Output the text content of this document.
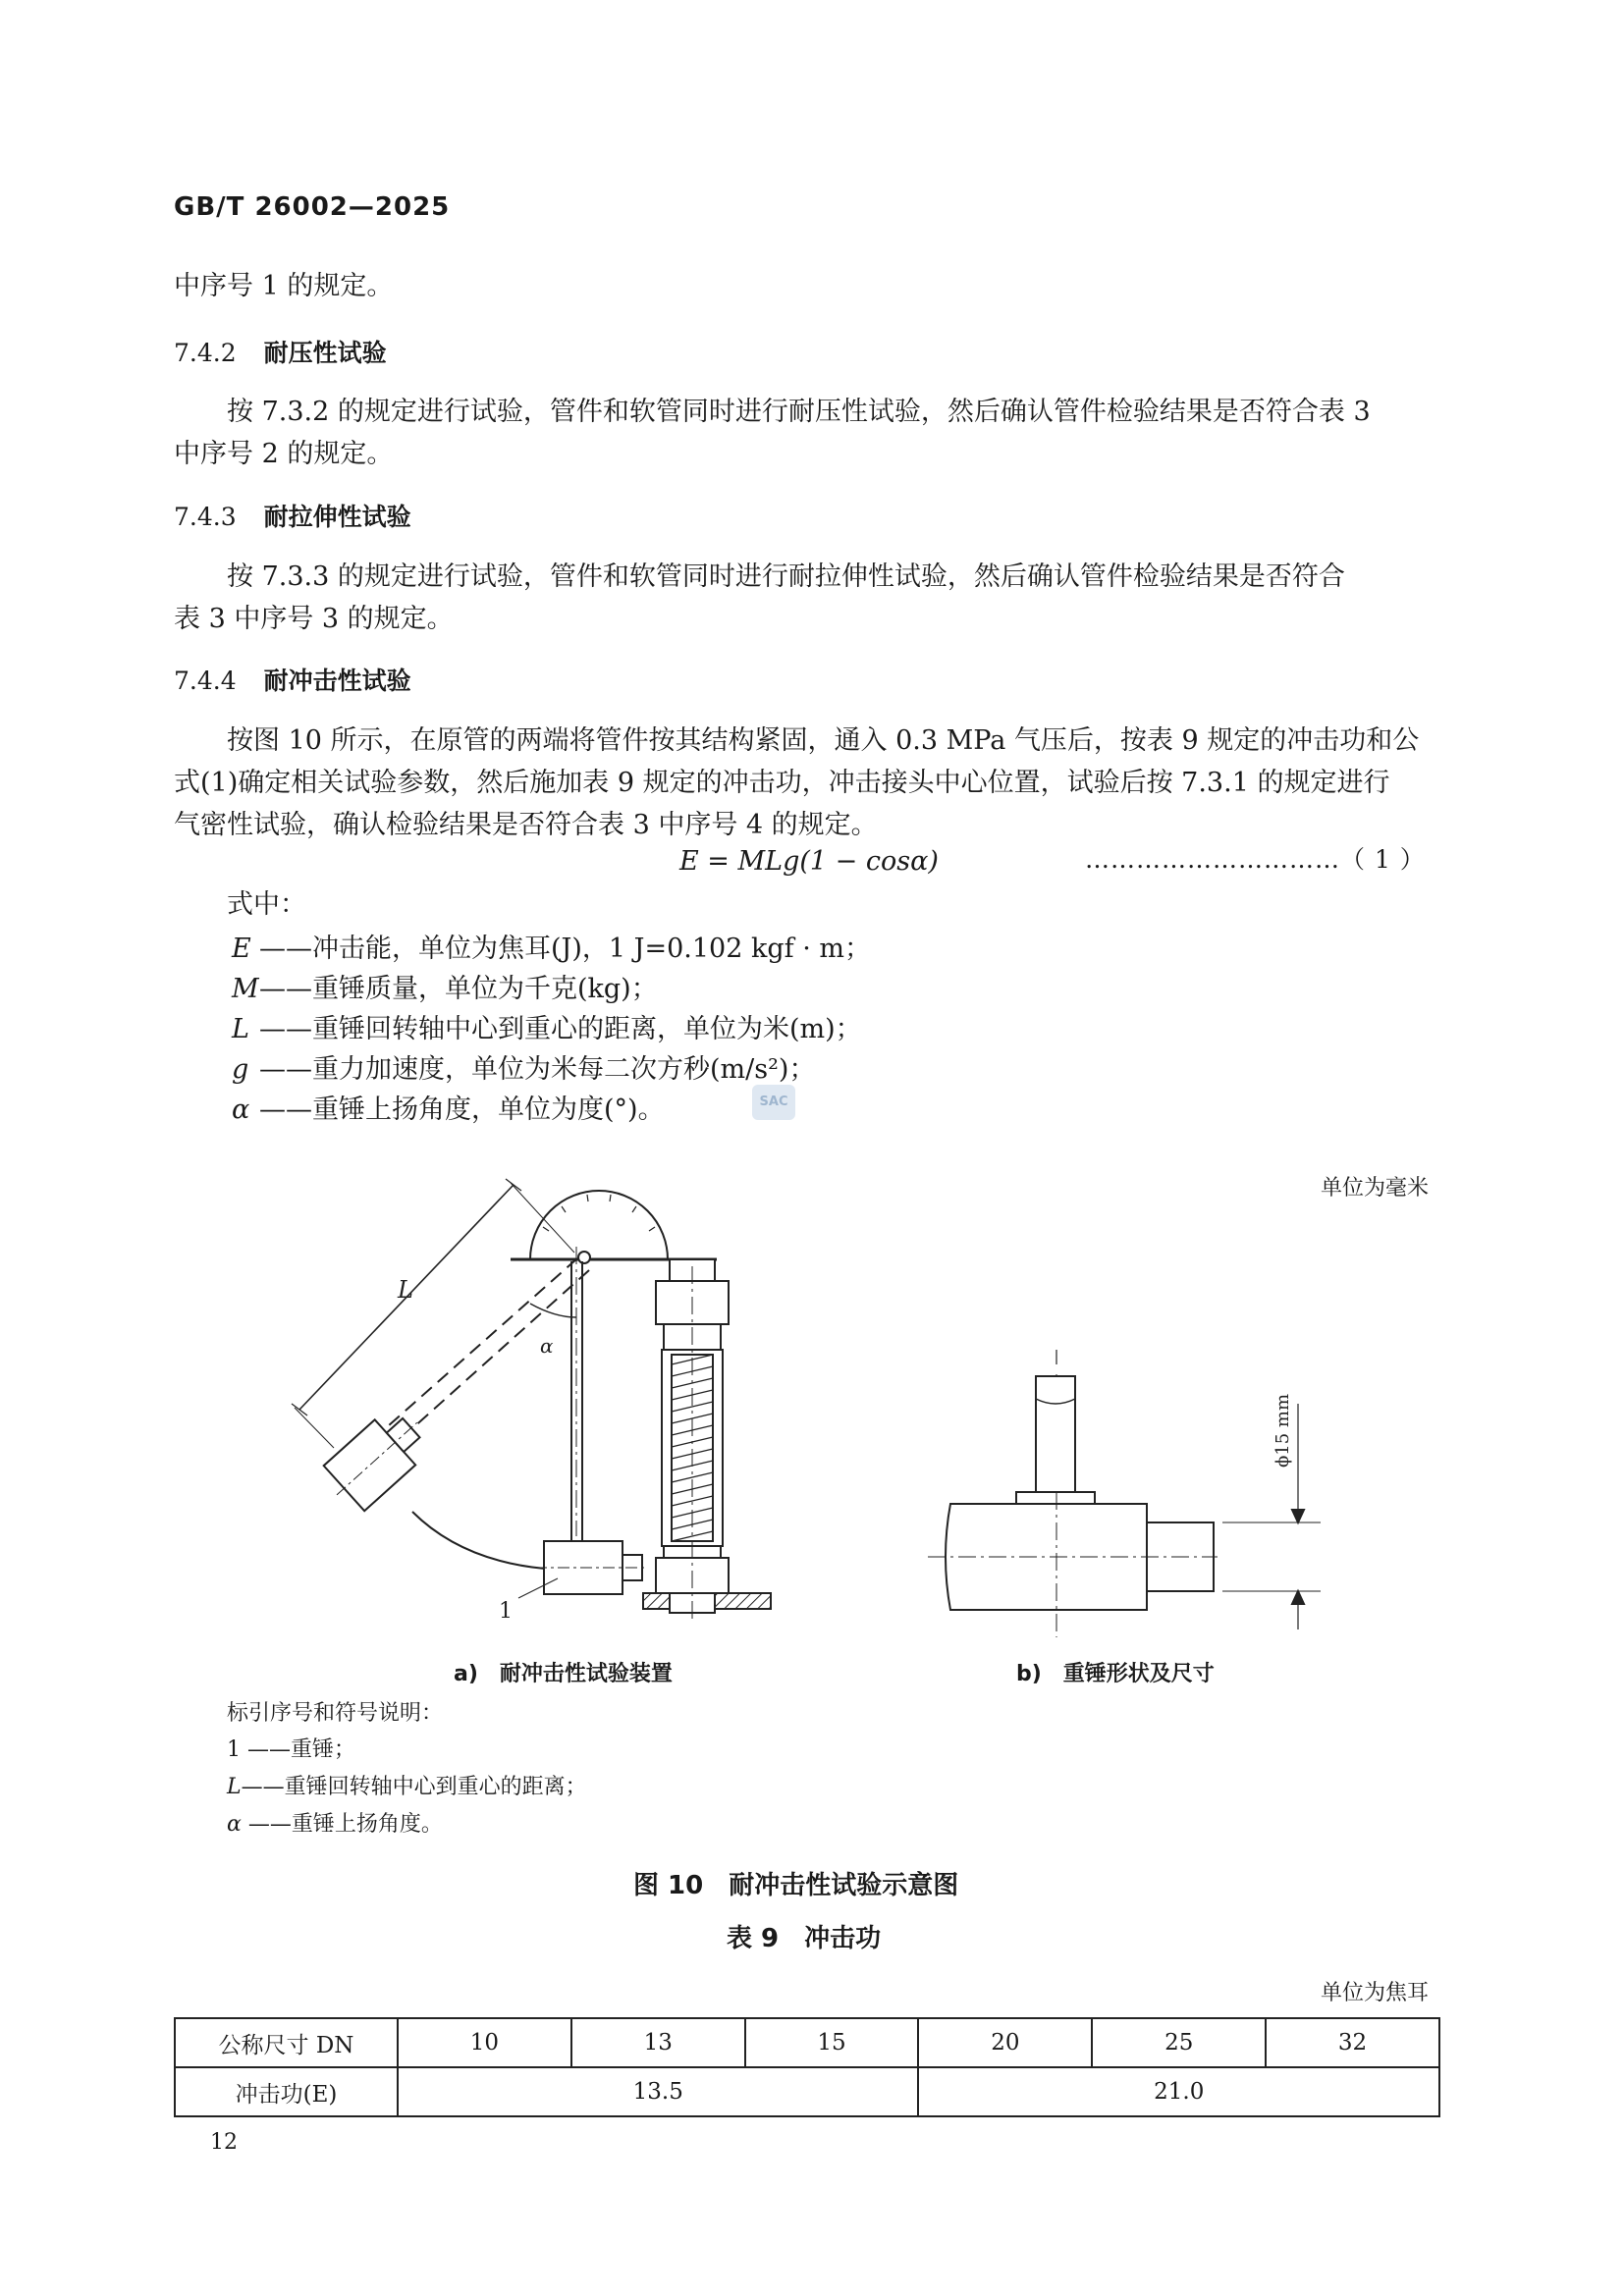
GB/T 26002—2025
中序号 1 的规定。
7.4.2 耐压性试验
按 7.3.2 的规定进行试验，管件和软管同时进行耐压性试验，然后确认管件检验结果是否符合表 3
中序号 2 的规定。
7.4.3 耐拉伸性试验
按 7.3.3 的规定进行试验，管件和软管同时进行耐拉伸性试验，然后确认管件检验结果是否符合
表 3 中序号 3 的规定。
7.4.4 耐冲击性试验
按图 10 所示，在原管的两端将管件按其结构紧固，通入 0.3 MPa 气压后，按表 9 规定的冲击功和公
式(1)确定相关试验参数，然后施加表 9 规定的冲击功，冲击接头中心位置，试验后按 7.3.1 的规定进行
气密性试验，确认检验结果是否符合表 3 中序号 4 的规定。
E = MLg(1 − cosα)	…………………………（ 1 ）
式中：
E ——冲击能，单位为焦耳(J)，1 J=0.102 kgf · m；
M——重锤质量，单位为千克(kg)；
L ——重锤回转轴中心到重心的距离，单位为米(m)；
g ——重力加速度，单位为米每二次方秒(m/s²)；
α ——重锤上扬角度，单位为度(°)。	SAC
单位为毫米
L
α
1
ϕ15 mm
a)　耐冲击性试验装置	b)　重锤形状及尺寸
标引序号和符号说明：
1 ——重锤；
L——重锤回转轴中心到重心的距离；
α ——重锤上扬角度。
图 10　耐冲击性试验示意图
表 9　冲击功
单位为焦耳
公称尺寸 DN	10	13	15	20	25	32
冲击功(E)	13.5			21.0		
12
